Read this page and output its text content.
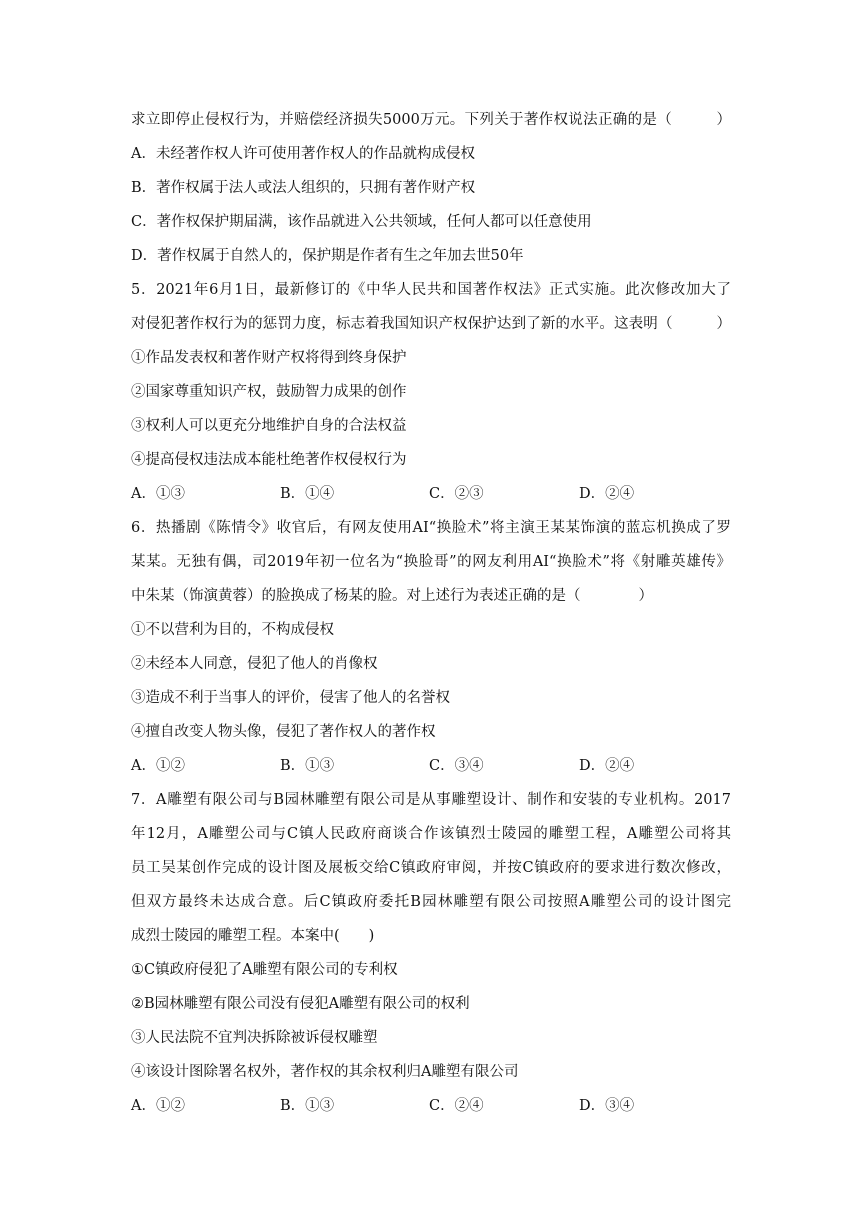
求立即停止侵权行为，并赔偿经济损失5000万元。下列关于著作权说法正确的是（　　　）
A．未经著作权人许可使用著作权人的作品就构成侵权
B．著作权属于法人或法人组织的，只拥有著作财产权
C．著作权保护期届满，该作品就进入公共领域，任何人都可以任意使用
D．著作权属于自然人的，保护期是作者有生之年加去世50年
5．2021年6月1日，最新修订的《中华人民共和国著作权法》正式实施。此次修改加大了
对侵犯著作权行为的惩罚力度，标志着我国知识产权保护达到了新的水平。这表明（　　　）
①作品发表权和著作财产权将得到终身保护
②国家尊重知识产权，鼓励智力成果的创作
③权利人可以更充分地维护自身的合法权益
④提高侵权违法成本能杜绝著作权侵权行为
A．①③	B．①④	C．②③	D．②④
6．热播剧《陈情令》收官后，有网友使用AI“换脸术”将主演王某某饰演的蓝忘机换成了罗
某某。无独有偶，司2019年初一位名为“换脸哥”的网友利用AI“换脸术”将《射雕英雄传》
中朱某（饰演黄蓉）的脸换成了杨某的脸。对上述行为表述正确的是（　　　　）
①不以营利为目的，不构成侵权
②未经本人同意，侵犯了他人的肖像权
③造成不利于当事人的评价，侵害了他人的名誉权
④擅自改变人物头像，侵犯了著作权人的著作权
A．①②	B．①③	C．③④	D．②④
7．A雕塑有限公司与B园林雕塑有限公司是从事雕塑设计、制作和安装的专业机构。2017
年12月，A雕塑公司与C镇人民政府商谈合作该镇烈士陵园的雕塑工程，A雕塑公司将其
员工吴某创作完成的设计图及展板交给C镇政府审阅，并按C镇政府的要求进行数次修改，
但双方最终未达成合意。后C镇政府委托B园林雕塑有限公司按照A雕塑公司的设计图完
成烈士陵园的雕塑工程。本案中(　　)
①C镇政府侵犯了A雕塑有限公司的专利权
②B园林雕塑有限公司没有侵犯A雕塑有限公司的权利
③人民法院不宜判决拆除被诉侵权雕塑
④该设计图除署名权外，著作权的其余权利归A雕塑有限公司
A．①②	B．①③	C．②④	D．③④
